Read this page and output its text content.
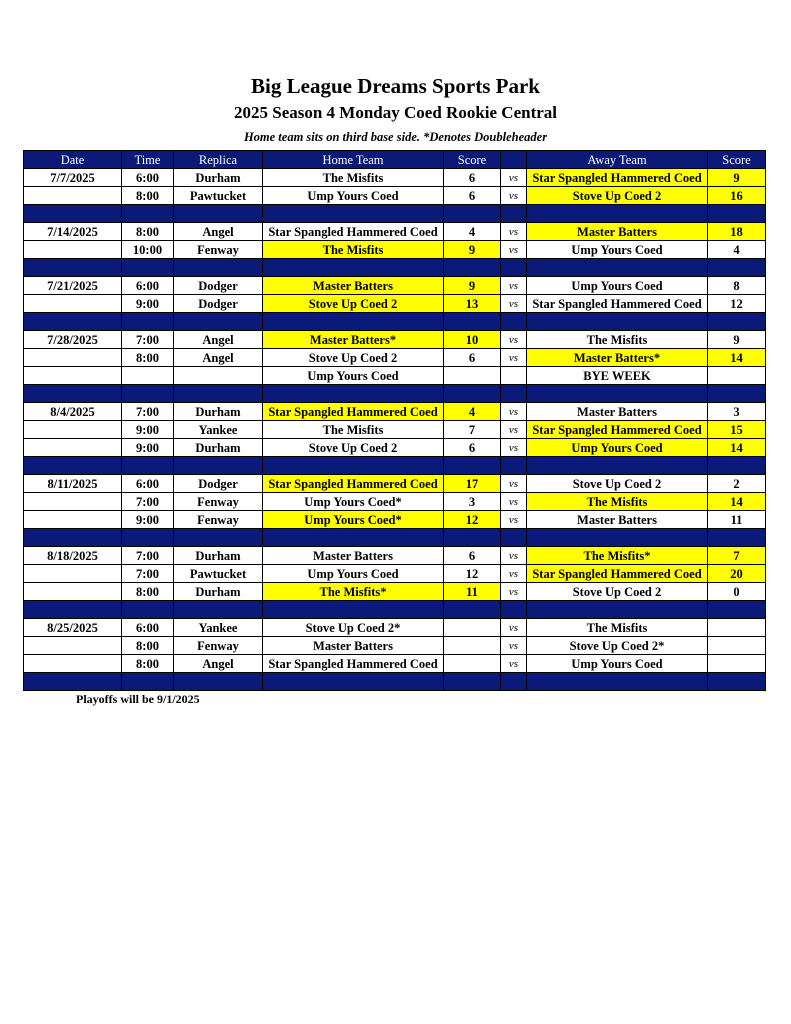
Big League Dreams Sports Park
2025 Season 4 Monday Coed Rookie Central
Home team sits on third base side. *Denotes Doubleheader
Date	Time	Replica	Home Team	Score		Away Team	Score
7/7/2025	6:00	Durham	The Misfits	6	vs	Star Spangled Hammered Coed	9
	8:00	Pawtucket	Ump Yours Coed	6	vs	Stove Up Coed 2	16

7/14/2025	8:00	Angel	Star Spangled Hammered Coed	4	vs	Master Batters	18
	10:00	Fenway	The Misfits	9	vs	Ump Yours Coed	4

7/21/2025	6:00	Dodger	Master Batters	9	vs	Ump Yours Coed	8
	9:00	Dodger	Stove Up Coed 2	13	vs	Star Spangled Hammered Coed	12

7/28/2025	7:00	Angel	Master Batters*	10	vs	The Misfits	9
	8:00	Angel	Stove Up Coed 2	6	vs	Master Batters*	14
			Ump Yours Coed			BYE WEEK	

8/4/2025	7:00	Durham	Star Spangled Hammered Coed	4	vs	Master Batters	3
	9:00	Yankee	The Misfits	7	vs	Star Spangled Hammered Coed	15
	9:00	Durham	Stove Up Coed 2	6	vs	Ump Yours Coed	14

8/11/2025	6:00	Dodger	Star Spangled Hammered Coed	17	vs	Stove Up Coed 2	2
	7:00	Fenway	Ump Yours Coed*	3	vs	The Misfits	14
	9:00	Fenway	Ump Yours Coed*	12	vs	Master Batters	11

8/18/2025	7:00	Durham	Master Batters	6	vs	The Misfits*	7
	7:00	Pawtucket	Ump Yours Coed	12	vs	Star Spangled Hammered Coed	20
	8:00	Durham	The Misfits*	11	vs	Stove Up Coed 2	0

8/25/2025	6:00	Yankee	Stove Up Coed 2*		vs	The Misfits	
	8:00	Fenway	Master Batters		vs	Stove Up Coed 2*	
	8:00	Angel	Star Spangled Hammered Coed		vs	Ump Yours Coed	

Playoffs will be 9/1/2025
